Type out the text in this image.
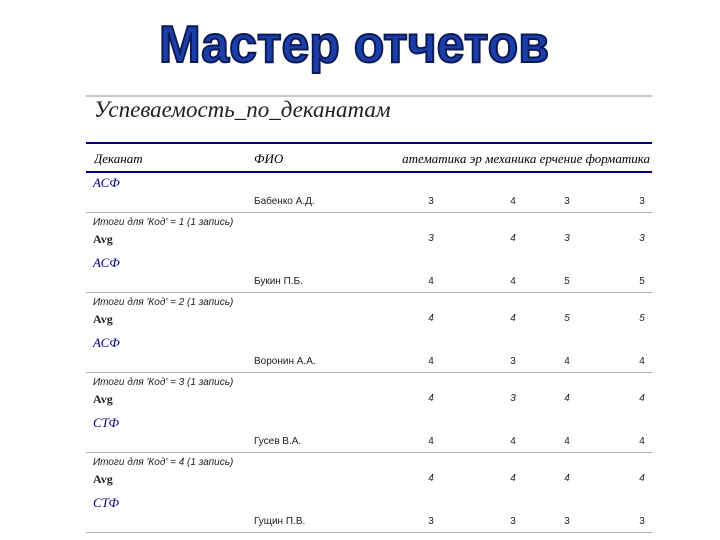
Мастер отчетов
Успеваемость_по_деканатам
Деканат	ФИО	атематика эр механика ерчение форматика
АСФ
Бабенко А.Д.	3	4	3	3
Итоги для 'Код' = 1 (1 запись)
Avg	3	4	3	3
АСФ
Букин П.Б.	4	4	5	5
Итоги для 'Код' = 2 (1 запись)
Avg	4	4	5	5
АСФ
Воронин А.А.	4	3	4	4
Итоги для 'Код' = 3 (1 запись)
Avg	4	3	4	4
СТФ
Гусев В.А.	4	4	4	4
Итоги для 'Код' = 4 (1 запись)
Avg	4	4	4	4
СТФ
Гущин П.В.	3	3	3	3
